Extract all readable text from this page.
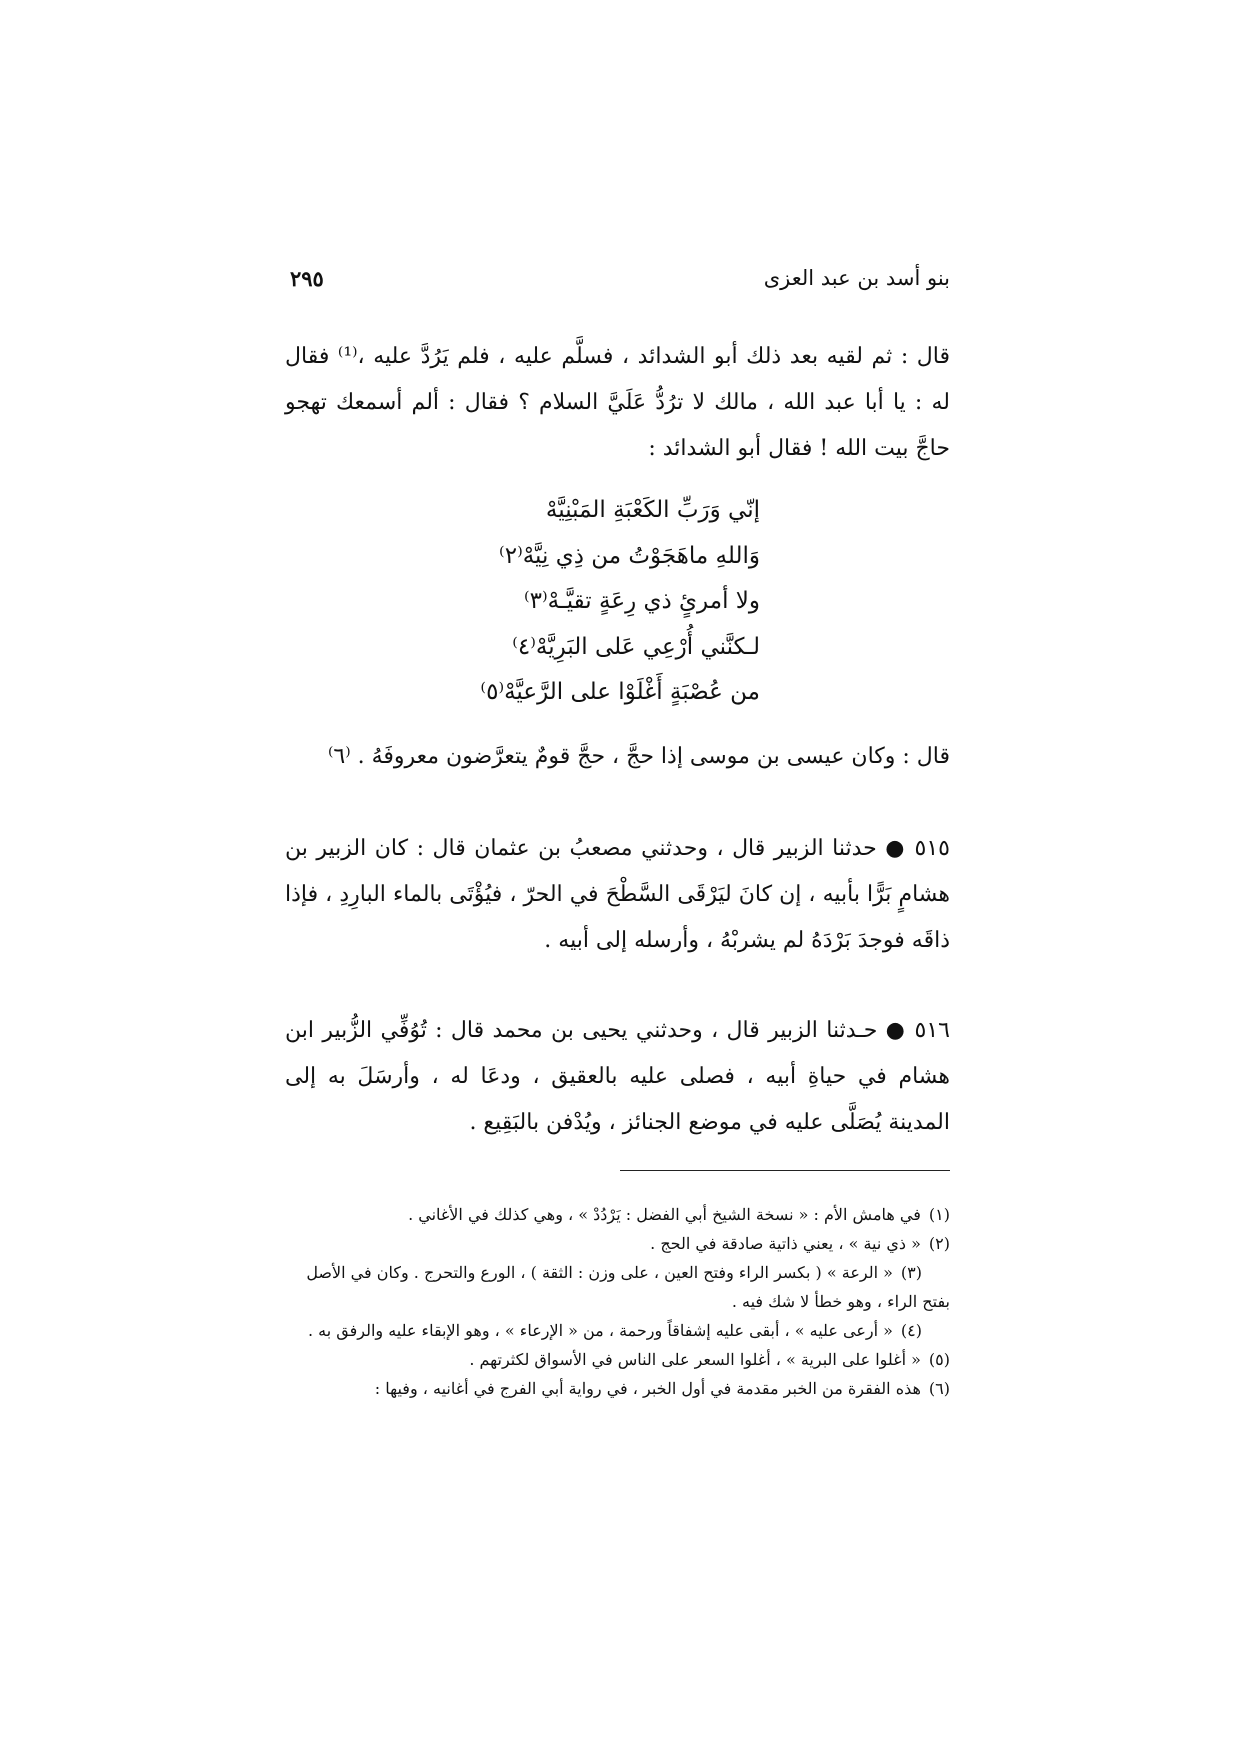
٢٩٥	بنو أسد بن عبد العزى

قال : ثم لقيه بعد ذلك أبو الشدائد ، فسلَّم عليه ، فلم يَرُدَّ عليه ،⁽¹⁾ فقال له : يا أبا عبد الله ، مالك لا ترُدُّ عَلَيَّ السلام ؟ فقال : ألم أسمعك تهجو حاجَّ بيت الله ! فقال أبو الشدائد :

إنّي وَرَبِّ الكَعْبَةِ المَبْنِيَّهْ
وَاللهِ ماهَجَوْتُ من ذِي نِيَّهْ⁽٢⁾
ولا أمرئٍ ذي رِعَةٍ تقيَّـهْ⁽٣⁾
لـكنَّني أُرْعِي عَلى البَرِيَّهْ⁽٤⁾
من عُصْبَةٍ أَغْلَوْا على الرَّعيَّهْ⁽٥⁾

قال : وكان عيسى بن موسى إذا حجَّ ، حجَّ قومٌ يتعرَّضون معروفَهُ . ⁽٦⁾

٥١٥ ● حدثنا الزبير قال ، وحدثني مصعبُ بن عثمان قال : كان الزبير بن هشامٍ بَرًّا بأبيه ، إن كانَ ليَرْقَى السَّطْحَ في الحرّ ، فيُؤْتَى بالماء البارِدِ ، فإذا ذاقَه فوجدَ بَرْدَهُ لم يشربْهُ ، وأرسله إلى أبيه .

٥١٦ ● حـدثنا الزبير قال ، وحدثني يحيى بن محمد قال : تُوُفِّي الزُّبير ابن هشام في حياةِ أبيه ، فصلى عليه بالعقيق ، ودعَا له ، وأرسَلَ به إلى المدينة يُصَلَّى عليه في موضع الجنائز ، ويُدْفن بالبَقِيع .

(١)في هامش الأم : « نسخة الشيخ أبي الفضل : يَرْدُدْ » ، وهي كذلك في الأغاني .
(٢)« ذي نية » ، يعني ذاتية صادقة في الحج .
(٣)« الرعة » ( بكسر الراء وفتح العين ، على وزن : الثقة ) ، الورع والتحرج . وكان في الأصل بفتح الراء ، وهو خطأ لا شك فيه .
(٤)« أرعى عليه » ، أبقى عليه إشفاقاً ورحمة ، من « الإرعاء » ، وهو الإبقاء عليه والرفق به .
(٥)« أغلوا على البرية » ، أغلوا السعر على الناس في الأسواق لكثرتهم .
(٦)هذه الفقرة من الخبر مقدمة في أول الخبر ، في رواية أبي الفرج في أغانيه ، وفيها :
